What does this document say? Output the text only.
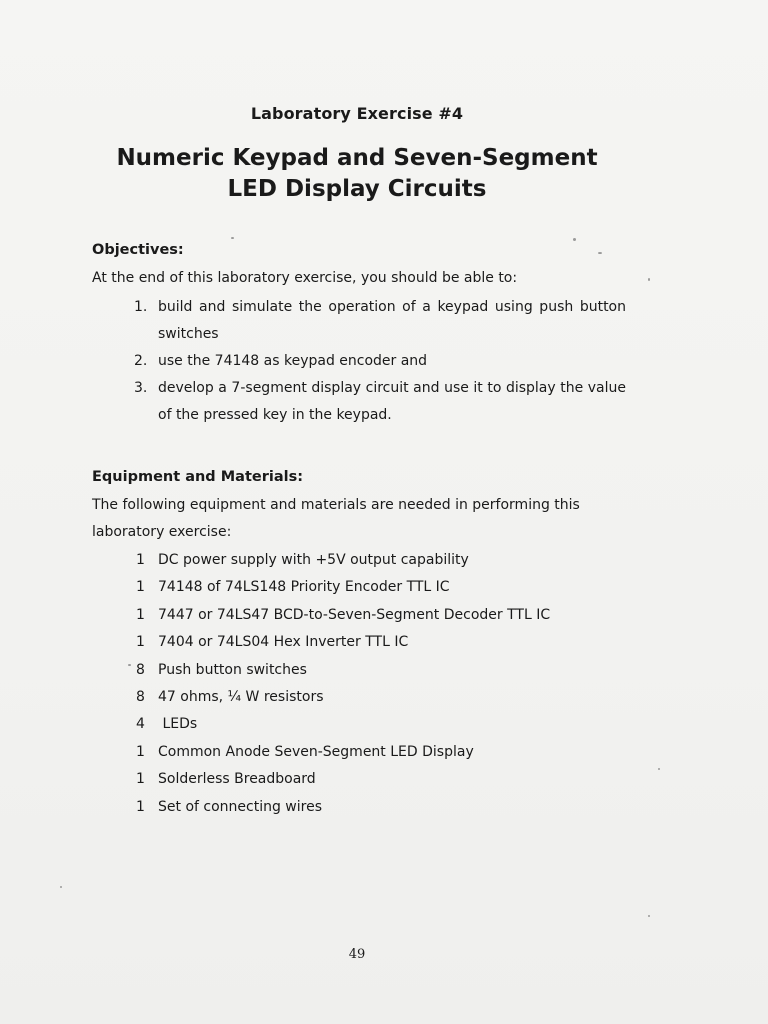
Laboratory Exercise #4
Numeric Keypad and Seven-Segment
LED Display Circuits
Objectives:
At the end of this laboratory exercise, you should be able to:
1. build and simulate the operation of a keypad using push button switches
2. use the 74148 as keypad encoder and
3. develop a 7-segment display circuit and use it to display the value of the pressed key in the keypad.
Equipment and Materials:
The following equipment and materials are needed in performing this laboratory exercise:
1 DC power supply with +5V output capability
1 74148 of 74LS148 Priority Encoder TTL IC
1 7447 or 74LS47 BCD-to-Seven-Segment Decoder TTL IC
1 7404 or 74LS04 Hex Inverter TTL IC
8 Push button switches
8 47 ohms, ¼ W resistors
4 LEDs
1 Common Anode Seven-Segment LED Display
1 Solderless Breadboard
1 Set of connecting wires
49
